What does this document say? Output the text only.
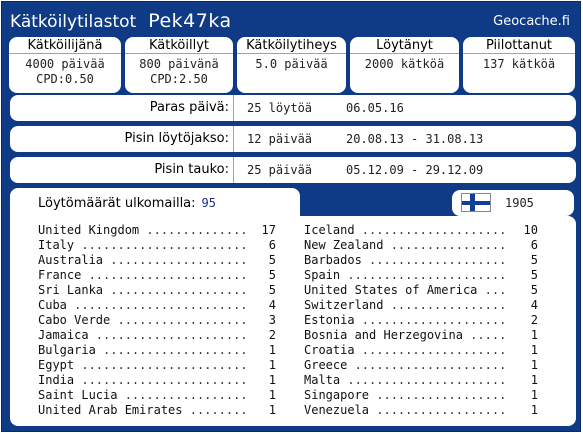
Kätköilytilastot Pek47ka	Geocache.fi
Kätköilijänä
4000 päivää
CPD:0.50
Kätköillyt
800 päivänä
CPD:2.50
Kätköilytiheys
5.0 päivää
Löytänyt
2000 kätköä
Piilottanut
137 kätköä
Paras päivä:	25 löytöä	06.05.16
Pisin löytöjakso:	12 päivää	20.08.13 - 31.08.13
Pisin tauko:	25 päivää	05.12.09 - 29.12.09
Löytömäärät ulkomailla: 95	1905
United Kingdom .....	17
Italy .....	6
Australia .....	5
France .....	5
Sri Lanka .....	5
Cuba .....	4
Cabo Verde .....	3
Jamaica .....	2
Bulgaria .....	1
Egypt .....	1
India .....	1
Saint Lucia .....	1
United Arab Emirates .....	1
Iceland .....	10
New Zealand .....	6
Barbados .....	5
Spain .....	5
United States of America .....	5
Switzerland .....	4
Estonia .....	2
Bosnia and Herzegovina .....	1
Croatia .....	1
Greece .....	1
Malta .....	1
Singapore .....	1
Venezuela .....	1
